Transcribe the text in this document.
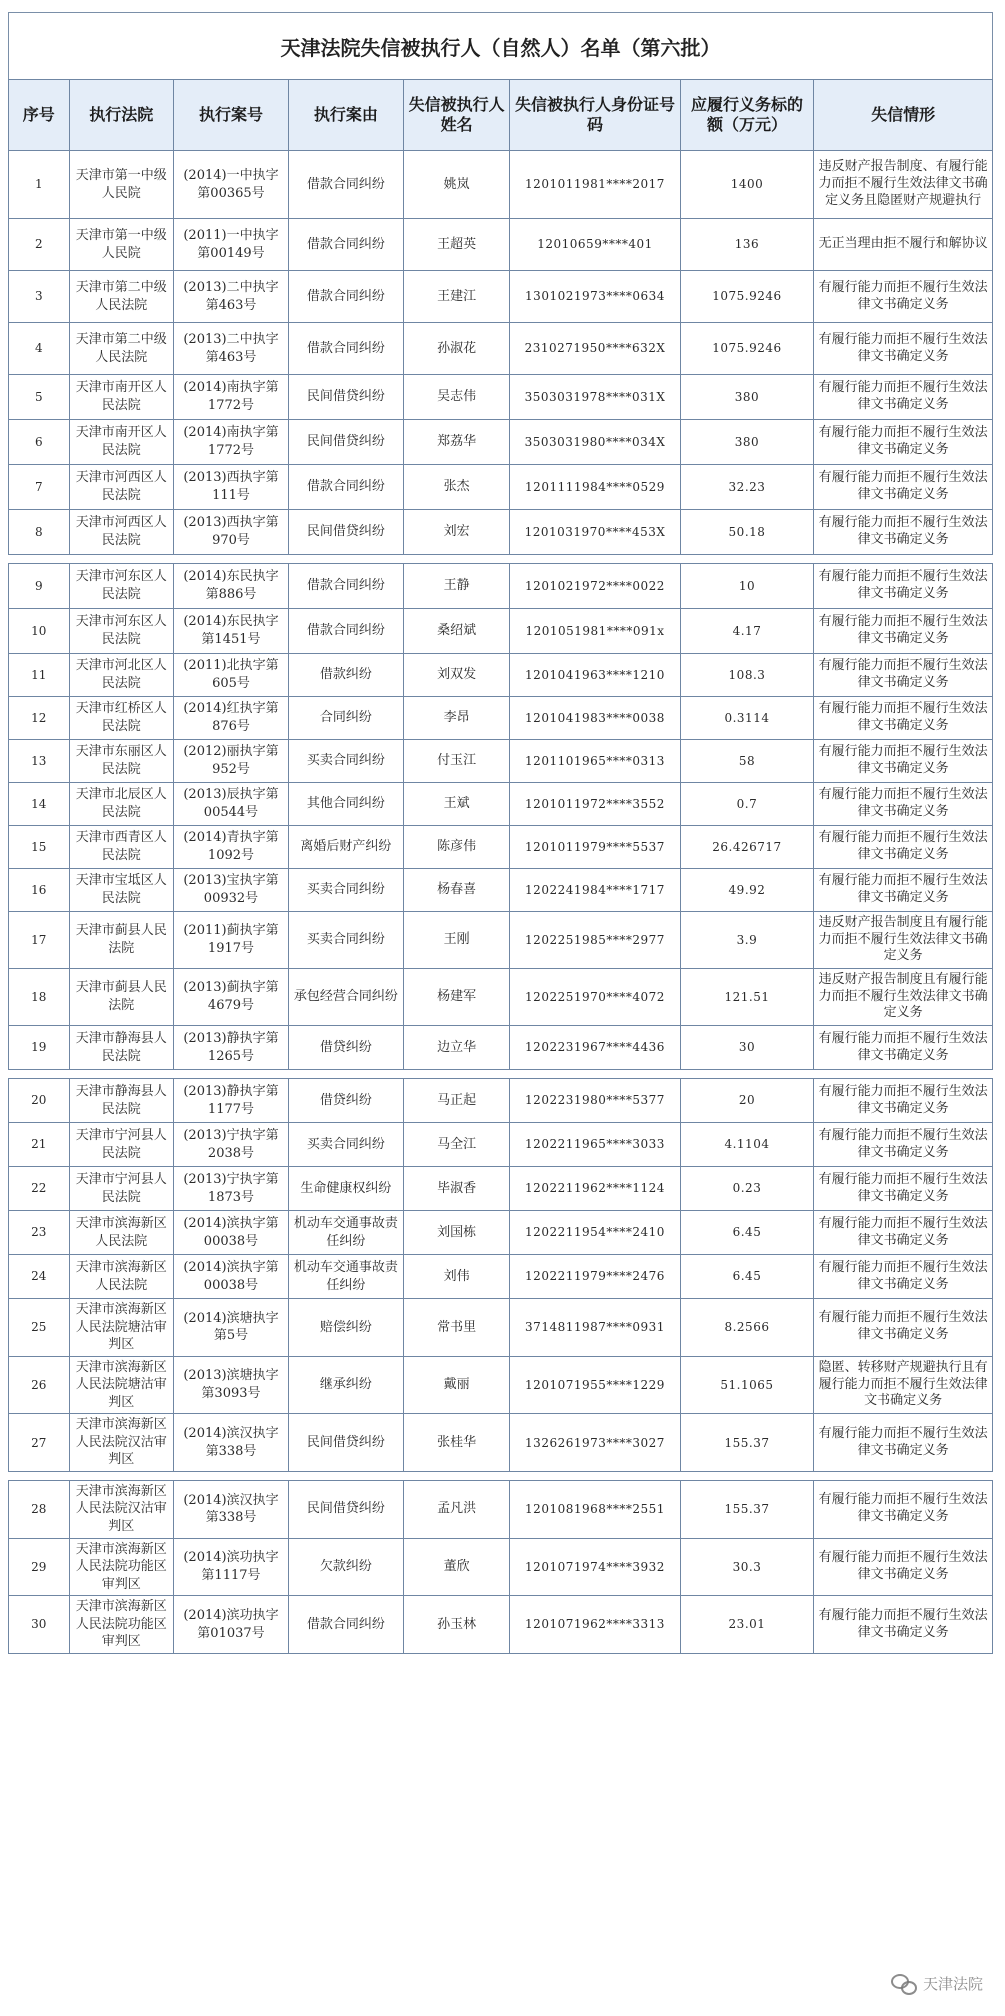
天津法院失信被执行人（自然人）名单（第六批）
序号	执行法院	执行案号	执行案由	失信被执行人姓名	失信被执行人身份证号码	应履行义务标的额（万元）	失信情形
1	天津市第一中级人民院	(2014)一中执字第00365号	借款合同纠纷	姚岚	1201011981****2017	1400	违反财产报告制度、有履行能力而拒不履行生效法律文书确定义务且隐匿财产规避执行
2	天津市第一中级人民院	(2011)一中执字第00149号	借款合同纠纷	王超英	12010659****401	136	无正当理由拒不履行和解协议
3	天津市第二中级人民法院	(2013)二中执字第463号	借款合同纠纷	王建江	1301021973****0634	1075.9246	有履行能力而拒不履行生效法律文书确定义务
4	天津市第二中级人民法院	(2013)二中执字第463号	借款合同纠纷	孙淑花	2310271950****632X	1075.9246	有履行能力而拒不履行生效法律文书确定义务
5	天津市南开区人民法院	(2014)南执字第1772号	民间借贷纠纷	吴志伟	3503031978****031X	380	有履行能力而拒不履行生效法律文书确定义务
6	天津市南开区人民法院	(2014)南执字第1772号	民间借贷纠纷	郑荔华	3503031980****034X	380	有履行能力而拒不履行生效法律文书确定义务
7	天津市河西区人民法院	(2013)西执字第111号	借款合同纠纷	张杰	1201111984****0529	32.23	有履行能力而拒不履行生效法律文书确定义务
8	天津市河西区人民法院	(2013)西执字第970号	民间借贷纠纷	刘宏	1201031970****453X	50.18	有履行能力而拒不履行生效法律文书确定义务

9	天津市河东区人民法院	(2014)东民执字第886号	借款合同纠纷	王静	1201021972****0022	10	有履行能力而拒不履行生效法律文书确定义务
10	天津市河东区人民法院	(2014)东民执字第1451号	借款合同纠纷	桑绍斌	1201051981****091x	4.17	有履行能力而拒不履行生效法律文书确定义务
11	天津市河北区人民法院	(2011)北执字第605号	借款纠纷	刘双发	1201041963****1210	108.3	有履行能力而拒不履行生效法律文书确定义务
12	天津市红桥区人民法院	(2014)红执字第876号	合同纠纷	李昂	1201041983****0038	0.3114	有履行能力而拒不履行生效法律文书确定义务
13	天津市东丽区人民法院	(2012)丽执字第952号	买卖合同纠纷	付玉江	1201101965****0313	58	有履行能力而拒不履行生效法律文书确定义务
14	天津市北辰区人民法院	(2013)辰执字第00544号	其他合同纠纷	王斌	1201011972****3552	0.7	有履行能力而拒不履行生效法律文书确定义务
15	天津市西青区人民法院	(2014)青执字第1092号	离婚后财产纠纷	陈彦伟	1201011979****5537	26.426717	有履行能力而拒不履行生效法律文书确定义务
16	天津市宝坻区人民法院	(2013)宝执字第00932号	买卖合同纠纷	杨春喜	1202241984****1717	49.92	有履行能力而拒不履行生效法律文书确定义务
17	天津市蓟县人民法院	(2011)蓟执字第1917号	买卖合同纠纷	王刚	1202251985****2977	3.9	违反财产报告制度且有履行能力而拒不履行生效法律文书确定义务
18	天津市蓟县人民法院	(2013)蓟执字第4679号	承包经营合同纠纷	杨建军	1202251970****4072	121.51	违反财产报告制度且有履行能力而拒不履行生效法律文书确定义务
19	天津市静海县人民法院	(2013)静执字第1265号	借贷纠纷	边立华	1202231967****4436	30	有履行能力而拒不履行生效法律文书确定义务

20	天津市静海县人民法院	(2013)静执字第1177号	借贷纠纷	马正起	1202231980****5377	20	有履行能力而拒不履行生效法律文书确定义务
21	天津市宁河县人民法院	(2013)宁执字第2038号	买卖合同纠纷	马全江	1202211965****3033	4.1104	有履行能力而拒不履行生效法律文书确定义务
22	天津市宁河县人民法院	(2013)宁执字第1873号	生命健康权纠纷	毕淑香	1202211962****1124	0.23	有履行能力而拒不履行生效法律文书确定义务
23	天津市滨海新区人民法院	(2014)滨执字第00038号	机动车交通事故责任纠纷	刘国栋	1202211954****2410	6.45	有履行能力而拒不履行生效法律文书确定义务
24	天津市滨海新区人民法院	(2014)滨执字第00038号	机动车交通事故责任纠纷	刘伟	1202211979****2476	6.45	有履行能力而拒不履行生效法律文书确定义务
25	天津市滨海新区人民法院塘沽审判区	(2014)滨塘执字第5号	赔偿纠纷	常书里	3714811987****0931	8.2566	有履行能力而拒不履行生效法律文书确定义务
26	天津市滨海新区人民法院塘沽审判区	(2013)滨塘执字第3093号	继承纠纷	戴丽	1201071955****1229	51.1065	隐匿、转移财产规避执行且有履行能力而拒不履行生效法律文书确定义务
27	天津市滨海新区人民法院汉沽审判区	(2014)滨汉执字第338号	民间借贷纠纷	张桂华	1326261973****3027	155.37	有履行能力而拒不履行生效法律文书确定义务

28	天津市滨海新区人民法院汉沽审判区	(2014)滨汉执字第338号	民间借贷纠纷	孟凡洪	1201081968****2551	155.37	有履行能力而拒不履行生效法律文书确定义务
29	天津市滨海新区人民法院功能区审判区	(2014)滨功执字第1117号	欠款纠纷	董欣	1201071974****3932	30.3	有履行能力而拒不履行生效法律文书确定义务
30	天津市滨海新区人民法院功能区审判区	(2014)滨功执字第01037号	借款合同纠纷	孙玉林	1201071962****3313	23.01	有履行能力而拒不履行生效法律文书确定义务
天津法院
